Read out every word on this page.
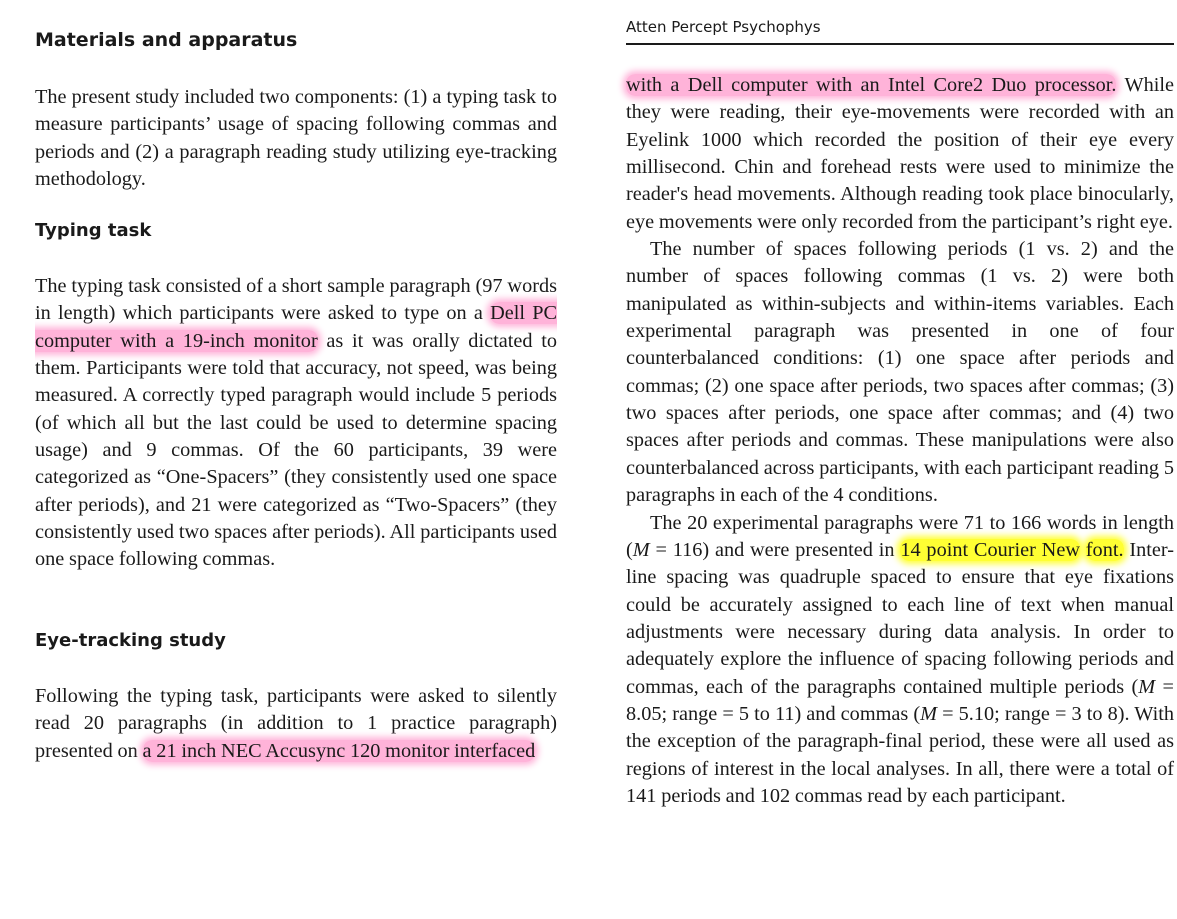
Materials and apparatus

The present study included two components: (1) a typing task to measure participants’ usage of spacing following commas and periods and (2) a paragraph reading study utilizing eye-tracking methodology.

Typing task

The typing task consisted of a short sample paragraph (97 words in length) which participants were asked to type on a Dell PC computer with a 19-inch monitor as it was orally dictated to them. Participants were told that accuracy, not speed, was being measured. A correctly typed paragraph would include 5 periods (of which all but the last could be used to determine spacing usage) and 9 commas. Of the 60 participants, 39 were categorized as “One-Spacers” (they consistently used one space after periods), and 21 were categorized as “Two-Spacers” (they consistently used two spaces after periods). All participants used one space following commas.

Eye-tracking study

Following the typing task, participants were asked to silently read 20 paragraphs (in addition to 1 practice paragraph) presented on a 21 inch NEC Accusync 120 monitor interfaced

Atten Percept Psychophys

with a Dell computer with an Intel Core2 Duo processor. While they were reading, their eye-movements were recorded with an Eyelink 1000 which recorded the position of their eye every millisecond. Chin and forehead rests were used to minimize the reader's head movements. Although reading took place binocularly, eye movements were only recorded from the participant’s right eye.

The number of spaces following periods (1 vs. 2) and the number of spaces following commas (1 vs. 2) were both manipulated as within-subjects and within-items variables. Each experimental paragraph was presented in one of four counterbalanced conditions: (1) one space after periods and commas; (2) one space after periods, two spaces after commas; (3) two spaces after periods, one space after commas; and (4) two spaces after periods and commas. These manipulations were also counterbalanced across participants, with each participant reading 5 paragraphs in each of the 4 conditions.

The 20 experimental paragraphs were 71 to 166 words in length (M = 116) and were presented in 14 point Courier New font. Inter-line spacing was quadruple spaced to ensure that eye fixations could be accurately assigned to each line of text when manual adjustments were necessary during data analysis. In order to adequately explore the influence of spacing following periods and commas, each of the paragraphs contained multiple periods (M = 8.05; range = 5 to 11) and commas (M = 5.10; range = 3 to 8). With the exception of the paragraph-final period, these were all used as regions of interest in the local analyses. In all, there were a total of 141 periods and 102 commas read by each participant.
